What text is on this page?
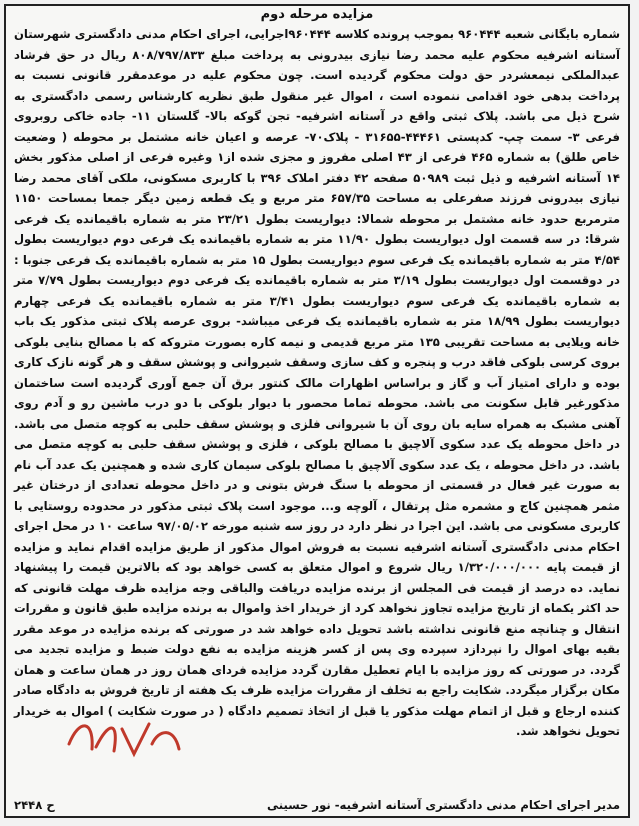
مزایده مرحله دوم
شماره بایگانی شعبه ۹۶۰۴۴۴ بموجب پرونده کلاسه ۹۶۰۴۴۴اجرایی، اجرای احکام مدنی دادگستری شهرستان آستانه اشرفیه محکوم علیه محمد رضا نیازی بیدرونی به پرداخت مبلغ ۸۰۸/۷۹۷/۸۳۳ ریال در حق فرشاد عبدالملکی نیمعشردر حق دولت محکوم گردیده است. چون محکوم علیه در موعدمقرر قانونی نسبت به پرداخت بدهی خود اقدامی ننموده است ، اموال غیر منقول طبق نظریه کارشناس رسمی دادگستری به شرح ذیل می باشد. پلاک ثبتی واقع در آستانه اشرفیه- تجن گوکه بالا- گلستان ۱۱- جاده خاکی روبروی فرعی ۳- سمت چپ- کدپستی ۴۴۴۶۱-۳۱۶۵۵ - پلاک۷۰- عرصه و اعیان خانه مشتمل بر محوطه ( وضعیت خاص طلق) به شماره ۴۶۵ فرعی از ۴۳ اصلی مفروز و مجزی شده از۱ وغیره فرعی از اصلی مذکور بخش ۱۴ آستانه اشرفیه و ذیل ثبت ۵۰۹۸۹ صفحه ۴۲ دفتر املاک ۳۹۶ با کاربری مسکونی، ملکی آقای محمد رضا نیازی بیدرونی فرزند صفرعلی به مساحت ۶۵۷/۳۵ متر مربع و یک قطعه زمین دیگر جمعا بمساحت ۱۱۵۰ مترمربع حدود خانه مشتمل بر محوطه شمالا: دیواریست بطول ۲۳/۲۱ متر به شماره باقیمانده یک فرعی شرقا: در سه قسمت اول دیواریست بطول ۱۱/۹۰ متر به شماره باقیمانده یک فرعی دوم دیواریست بطول ۴/۵۴ متر به شماره باقیمانده یک فرعی سوم دیواریست بطول ۱۵ متر به شماره باقیمانده یک فرعی جنوبا : در دوقسمت اول دیواریست بطول ۳/۱۹ متر به شماره باقیمانده یک فرعی دوم دیواریست بطول ۷/۷۹ متر به شماره باقیمانده یک فرعی سوم دیواریست بطول ۳/۴۱ متر به شماره باقیمانده یک فرعی چهارم دیواریست بطول ۱۸/۹۹ متر به شماره باقیمانده یک فرعی میباشد- بروی عرصه پلاک ثبتی مذکور یک باب خانه ویلایی به مساحت تقریبی ۱۳۵ متر مربع قدیمی و نیمه کاره بصورت متروکه که با مصالح بنایی بلوکی بروی کرسی بلوکی فاقد درب و پنجره و کف سازی وسقف شیروانی و پوشش سقف و هر گونه نازک کاری بوده و دارای امتیاز آب و گاز و براساس اظهارات مالک کنتور برق آن جمع آوری گردیده است ساختمان مذکورغیر قابل سکونت می باشد. محوطه تماما محصور با دیوار بلوکی با دو درب ماشین رو و آدم روی آهنی مشبک به همراه سایه بان روی آن با شیروانی فلزی و پوشش سقف حلبی به کوچه متصل می باشد. در داخل محوطه یک عدد سکوی آلاچیق با مصالح بلوکی ، فلزی و پوشش سقف حلبی به کوچه متصل می باشد. در داخل محوطه ، یک عدد سکوی آلاچیق با مصالح بلوکی سیمان کاری شده و همچنین یک عدد آب نام به صورت غیر فعال در قسمتی از محوطه با سنگ فرش بتونی و در داخل محوطه تعدادی از درختان غیر مثمر همچنین کاج و مشمره مثل پرتقال ، آلوچه و... موجود است پلاک ثبتی مذکور در محدوده روستایی با کاربری مسکونی می باشد. این اجرا در نظر دارد در روز سه شنبه مورخه ۹۷/۰۵/۰۲ ساعت ۱۰ در محل اجرای احکام مدنی دادگستری آستانه اشرفیه نسبت به فروش اموال مذکور از طریق مزایده اقدام نماید و مزایده از قیمت پایه ۱/۳۲۰/۰۰۰/۰۰۰ ریال شروع و اموال متعلق به کسی خواهد بود که بالاترین قیمت را پیشنهاد نماید. ده درصد از قیمت فی المجلس از برنده مزایده دریافت والباقی وجه مزایده ظرف مهلت قانونی که حد اکثر یکماه از تاریخ مزایده تجاوز نخواهد کرد از خریدار اخذ واموال به برنده مزایده طبق قانون و مقررات انتقال و چنانچه منع قانونی نداشته باشد تحویل داده خواهد شد در صورتی که برنده مزایده در موعد مقرر بقیه بهای اموال را نپردازد سپرده وی پس از کسر هزینه مزایده به نفع دولت ضبط و مزایده تجدید می گردد. در صورتی که روز مزایده با ایام تعطیل مقارن گردد مزایده فردای همان روز در همان ساعت و همان مکان برگزار میگردد. شکایت راجع به تخلف از مقررات مزایده ظرف یک هفته از تاریخ فروش به دادگاه صادر کننده ارجاع و قبل از اتمام مهلت مذکور یا قبل از اتخاذ تصمیم دادگاه ( در صورت شکایت ) اموال به خریدار تحویل نخواهد شد.
مدیر اجرای احکام مدنی دادگستری آستانه اشرفیه- نور حسینی
ح ۲۴۴۸
